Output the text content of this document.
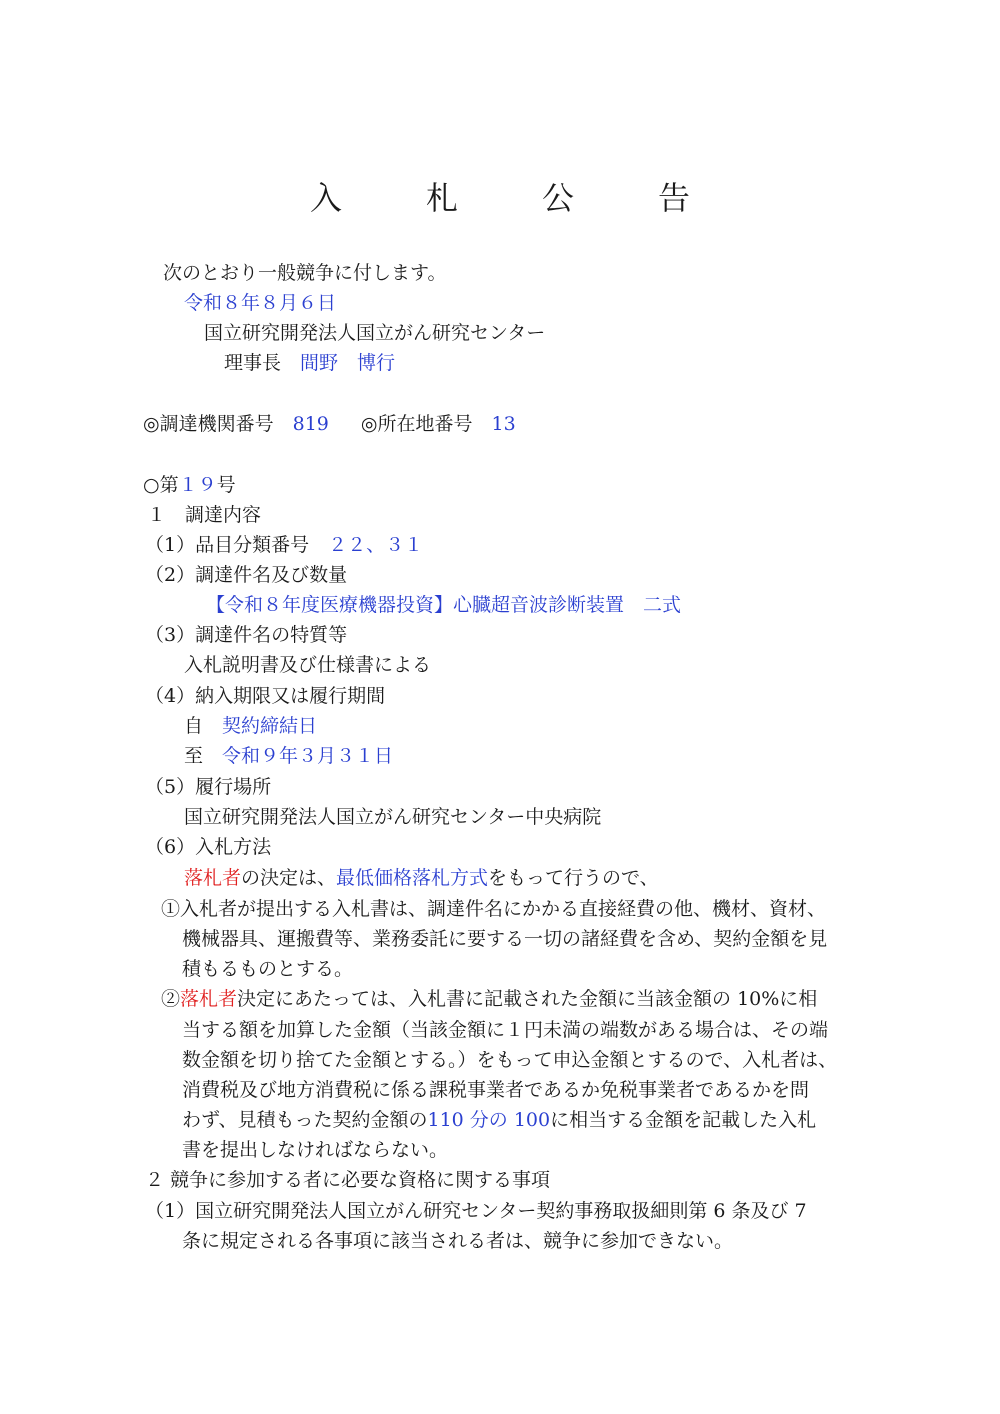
入	札	公	告
次のとおり一般競争に付します。
令和８年８月６日
国立研究開発法人国立がん研究センター
理事長　 間野　博行
◎調達機関番号　 819 ◎所在地番号　 13
○第１９号
１　調達内容
（1）品目分類番号　 ２２、３１
（2）調達件名及び数量
【令和８年度医療機器投資】心臓超音波診断装置　二式
（3）調達件名の特質等
入札説明書及び仕様書による
（4）納入期限又は履行期間
自　 契約締結日
至　 令和９年３月３１日
（5）履行場所
国立研究開発法人国立がん研究センター中央病院
（6）入札方法
落札者の決定は、最低価格落札方式をもって行うので、
①入札者が提出する入札書は、調達件名にかかる直接経費の他、機材、資材、
機械器具、運搬費等、業務委託に要する一切の諸経費を含め、契約金額を見
積もるものとする。
②落札者決定にあたっては、入札書に記載された金額に当該金額の 10%に相
当する額を加算した金額（当該金額に１円未満の端数がある場合は、その端
数金額を切り捨てた金額とする。）をもって申込金額とするので、入札者は、
消費税及び地方消費税に係る課税事業者であるか免税事業者であるかを問
わず、見積もった契約金額の110 分の 100に相当する金額を記載した入札
書を提出しなければならない。
２ 競争に参加する者に必要な資格に関する事項
（1）国立研究開発法人国立がん研究センター契約事務取扱細則第 6 条及び 7
条に規定される各事項に該当される者は、競争に参加できない。
